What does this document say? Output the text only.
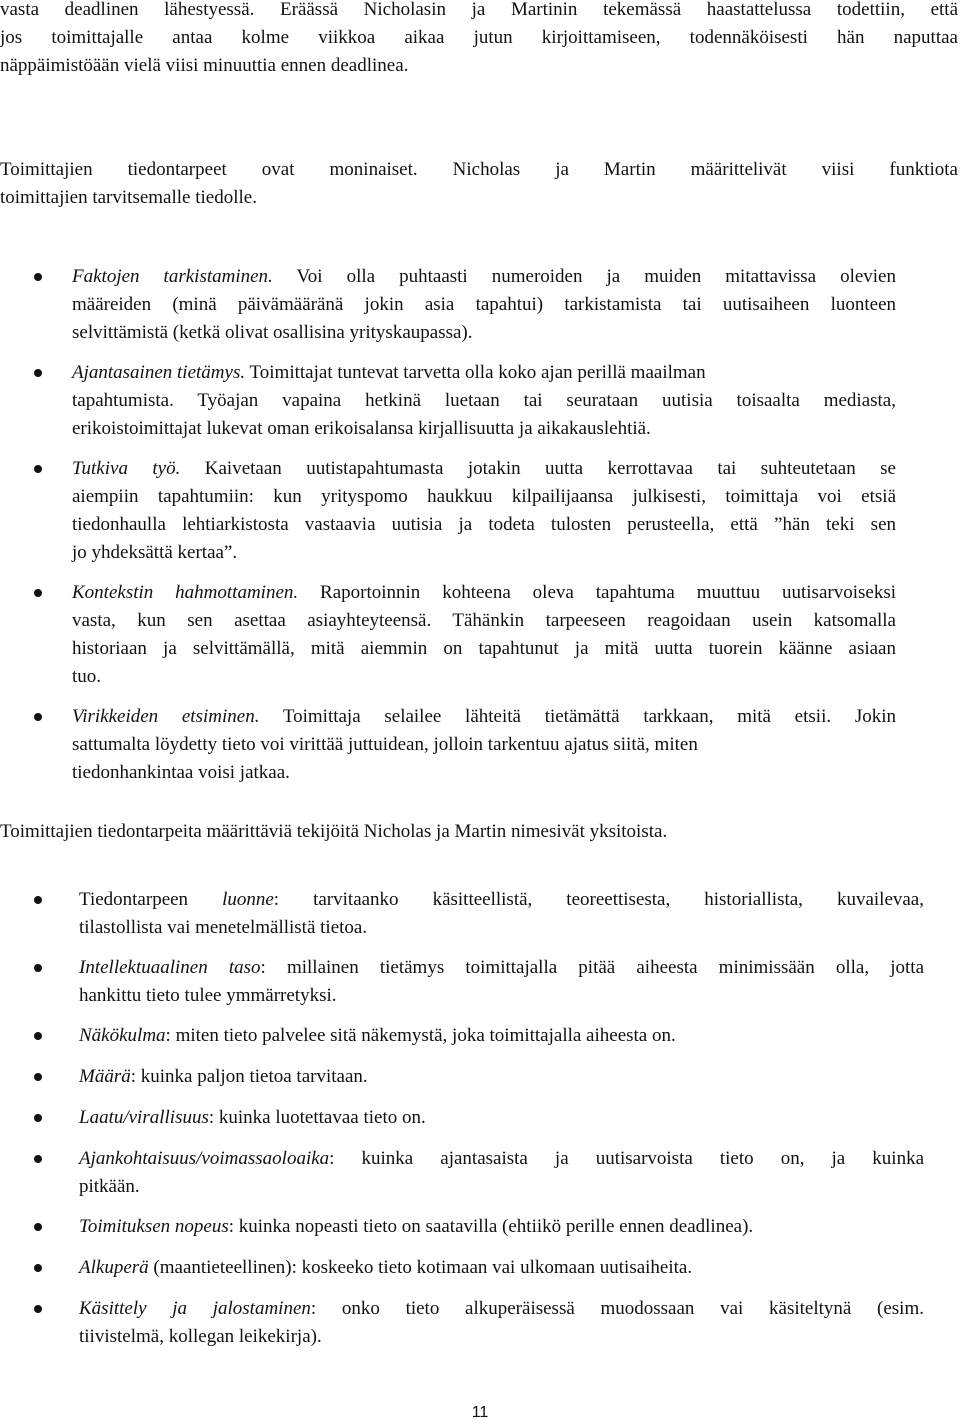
vasta deadlinen lähestyessä. Eräässä Nicholasin ja Martinin tekemässä haastattelussa todettiin, että
jos toimittajalle antaa kolme viikkoa aikaa jutun kirjoittamiseen, todennäköisesti hän naputtaa
näppäimistöään vielä viisi minuuttia ennen deadlinea.
Toimittajien tiedontarpeet ovat moninaiset. Nicholas ja Martin määrittelivät viisi funktiota
toimittajien tarvitsemalle tiedolle.
Faktojen tarkistaminen. Voi olla puhtaasti numeroiden ja muiden mitattavissa olevien
määreiden (minä päivämääränä jokin asia tapahtui) tarkistamista tai uutisaiheen luonteen
selvittämistä (ketkä olivat osallisina yrityskaupassa).
Ajantasainen tietämys. Toimittajat tuntevat tarvetta olla koko ajan perillä maailman
tapahtumista. Työajan vapaina hetkinä luetaan tai seurataan uutisia toisaalta mediasta,
erikoistoimittajat lukevat oman erikoisalansa kirjallisuutta ja aikakauslehtiä.
Tutkiva työ. Kaivetaan uutistapahtumasta jotakin uutta kerrottavaa tai suhteutetaan se
aiempiin tapahtumiin: kun yrityspomo haukkuu kilpailijaansa julkisesti, toimittaja voi etsiä
tiedonhaulla lehtiarkistosta vastaavia uutisia ja todeta tulosten perusteella, että ”hän teki sen
jo yhdeksättä kertaa”.
Kontekstin hahmottaminen. Raportoinnin kohteena oleva tapahtuma muuttuu uutisarvoiseksi
vasta, kun sen asettaa asiayhteyteensä. Tähänkin tarpeeseen reagoidaan usein katsomalla
historiaan ja selvittämällä, mitä aiemmin on tapahtunut ja mitä uutta tuorein käänne asiaan
tuo.
Virikkeiden etsiminen. Toimittaja selailee lähteitä tietämättä tarkkaan, mitä etsii. Jokin
sattumalta löydetty tieto voi virittää juttuidean, jolloin tarkentuu ajatus siitä, miten
tiedonhankintaa voisi jatkaa.
Toimittajien tiedontarpeita määrittäviä tekijöitä Nicholas ja Martin nimesivät yksitoista.
Tiedontarpeen luonne: tarvitaanko käsitteellistä, teoreettisesta, historiallista, kuvailevaa,
tilastollista vai menetelmällistä tietoa.
Intellektuaalinen taso: millainen tietämys toimittajalla pitää aiheesta minimissään olla, jotta
hankittu tieto tulee ymmärretyksi.
Näkökulma: miten tieto palvelee sitä näkemystä, joka toimittajalla aiheesta on.
Määrä: kuinka paljon tietoa tarvitaan.
Laatu/virallisuus: kuinka luotettavaa tieto on.
Ajankohtaisuus/voimassaoloaika: kuinka ajantasaista ja uutisarvoista tieto on, ja kuinka
pitkään.
Toimituksen nopeus: kuinka nopeasti tieto on saatavilla (ehtiikö perille ennen deadlinea).
Alkuperä (maantieteellinen): koskeeko tieto kotimaan vai ulkomaan uutisaiheita.
Käsittely ja jalostaminen: onko tieto alkuperäisessä muodossaan vai käsiteltynä (esim.
tiivistelmä, kollegan leikekirja).
11
